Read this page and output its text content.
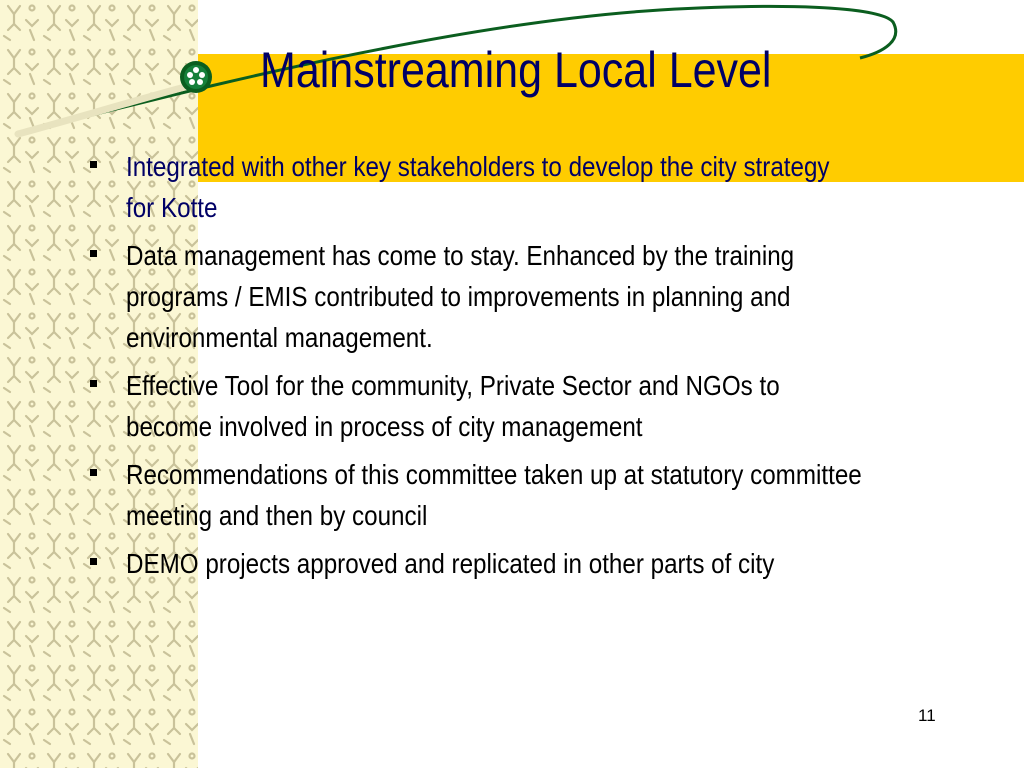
Mainstreaming Local Level
Integrated with other key stakeholders to develop the city strategy for Kotte
Data management has come to stay. Enhanced by the training programs / EMIS contributed to improvements in planning and environmental management.
Effective Tool for the community, Private Sector and NGOs to become involved in process of city management
Recommendations of this committee taken up at statutory committee meeting and then by council
DEMO projects approved and replicated in other parts of city
11
